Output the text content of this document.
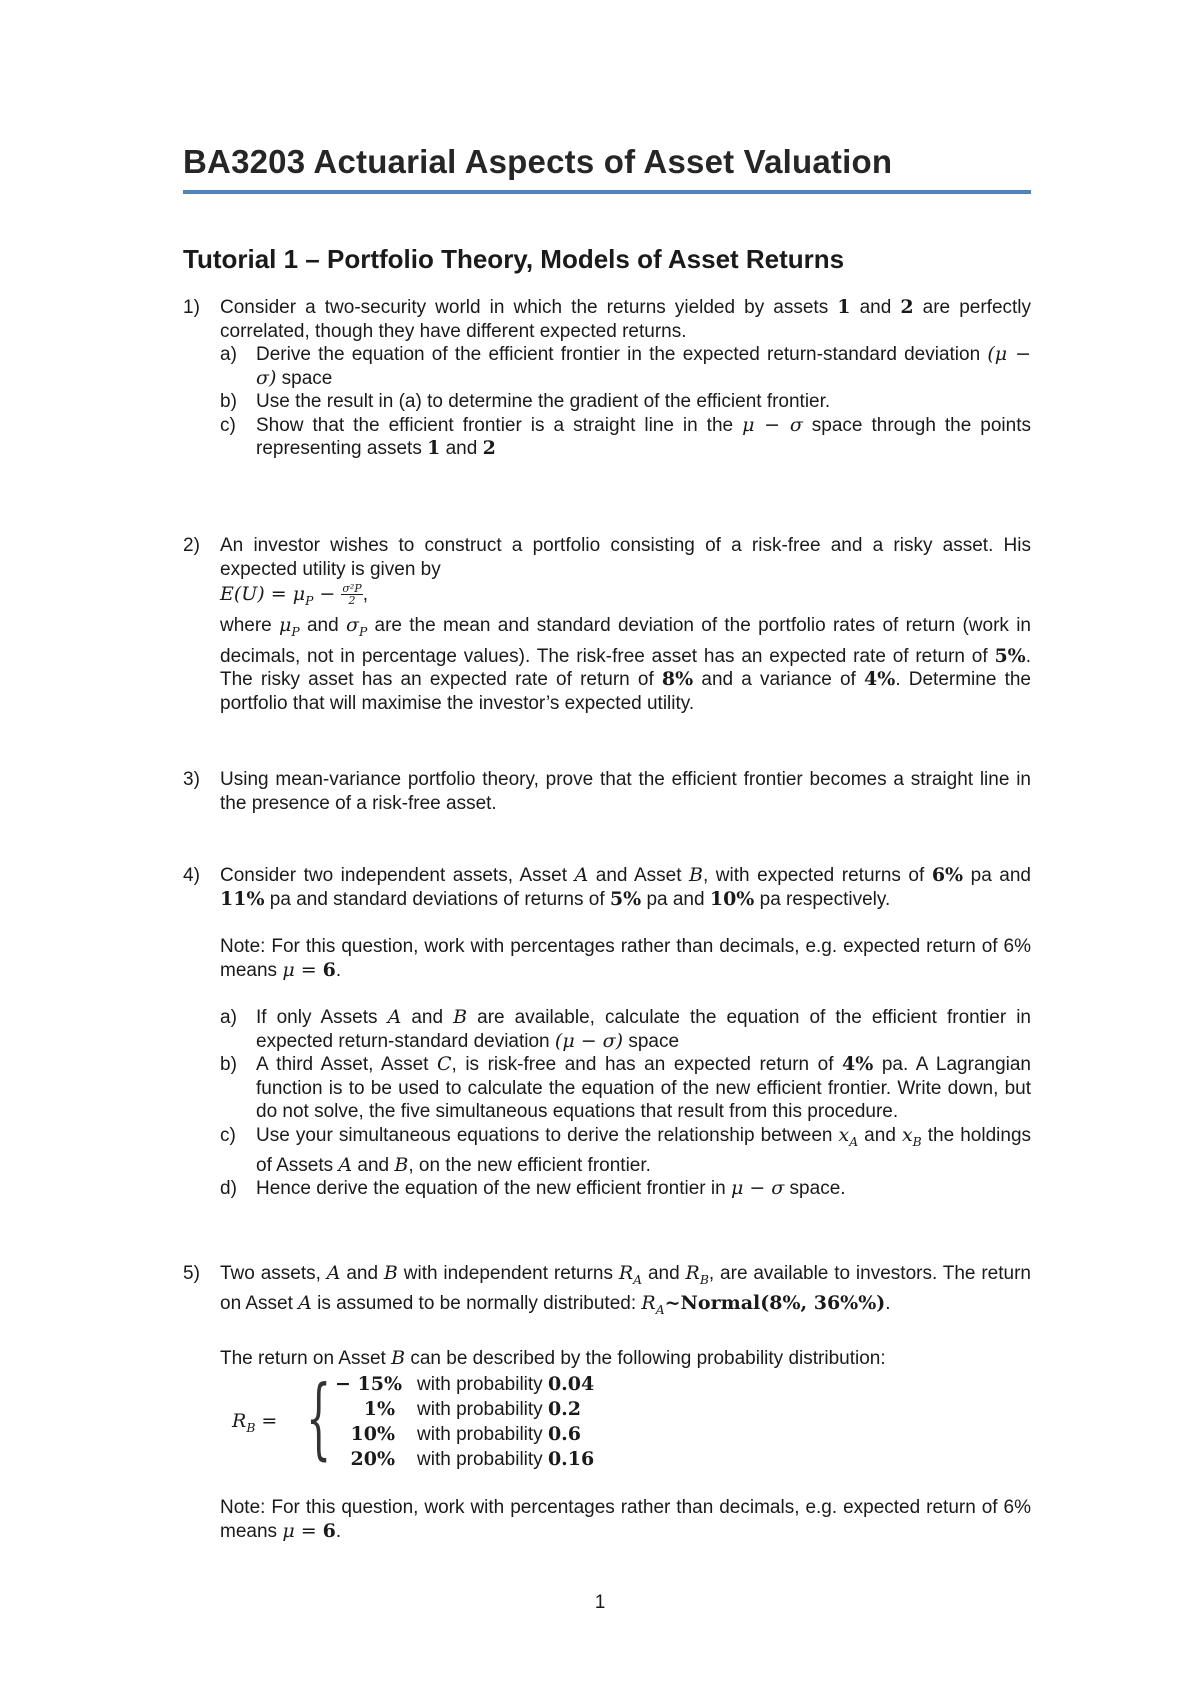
BA3203 Actuarial Aspects of Asset Valuation
Tutorial 1 – Portfolio Theory, Models of Asset Returns
1) Consider a two-security world in which the returns yielded by assets 1 and 2 are perfectly correlated, though they have different expected returns.

a) Derive the equation of the efficient frontier in the expected return-standard deviation (μ − σ) space
b) Use the result in (a) to determine the gradient of the efficient frontier.
c) Show that the efficient frontier is a straight line in the μ − σ space through the points representing assets 1 and 2
2) An investor wishes to construct a portfolio consisting of a risk-free and a risky asset. His expected utility is given by

$E(U) = \mu_P - \frac{\text{σ²P}}{2}$ ,

where $\mu_P$ and $\sigma_P$ are the mean and standard deviation of the portfolio rates of return (work in decimals, not in percentage values). The risk-free asset has an expected rate of return of 5%. The risky asset has an expected rate of return of 8% and a variance of 4%. Determine the portfolio that will maximise the investor’s expected utility.

3) Using mean-variance portfolio theory, prove that the efficient frontier becomes a straight line in the presence of a risk-free asset.

4) Consider two independent assets, Asset A and Asset B, with expected returns of 6% pa and 11% pa and standard deviations of returns of 5% pa and 10% pa respectively.

Note: For this question, work with percentages rather than decimals, e.g. expected return of 6% means μ = 6.

a) If only Assets A and B are available, calculate the equation of the efficient frontier in expected return-standard deviation (μ − σ) space
b) A third Asset, Asset C, is risk-free and has an expected return of 4% pa. A Lagrangian function is to be used to calculate the equation of the new efficient frontier. Write down, but do not solve, the five simultaneous equations that result from this procedure.
c) Use your simultaneous equations to derive the relationship between $x_A$ and $x_B$ the holdings of Assets A and B, on the new efficient frontier.
d) Hence derive the equation of the new efficient frontier in μ − σ space.
5) Two assets, A and B with independent returns $R_A$ and $R_B$, are available to investors. The return on Asset A is assumed to be normally distributed: $R_A\sim Normal(8\%$, 36%%).

The return on Asset B can be described by the following probability distribution:

$R_B$ = { − 15% with probability 0.04
1% with probability 0.2
10% with probability 0.6
20% with probability 0.16

Note: For this question, work with percentages rather than decimals, e.g. expected return of 6% means μ = 6.

1
